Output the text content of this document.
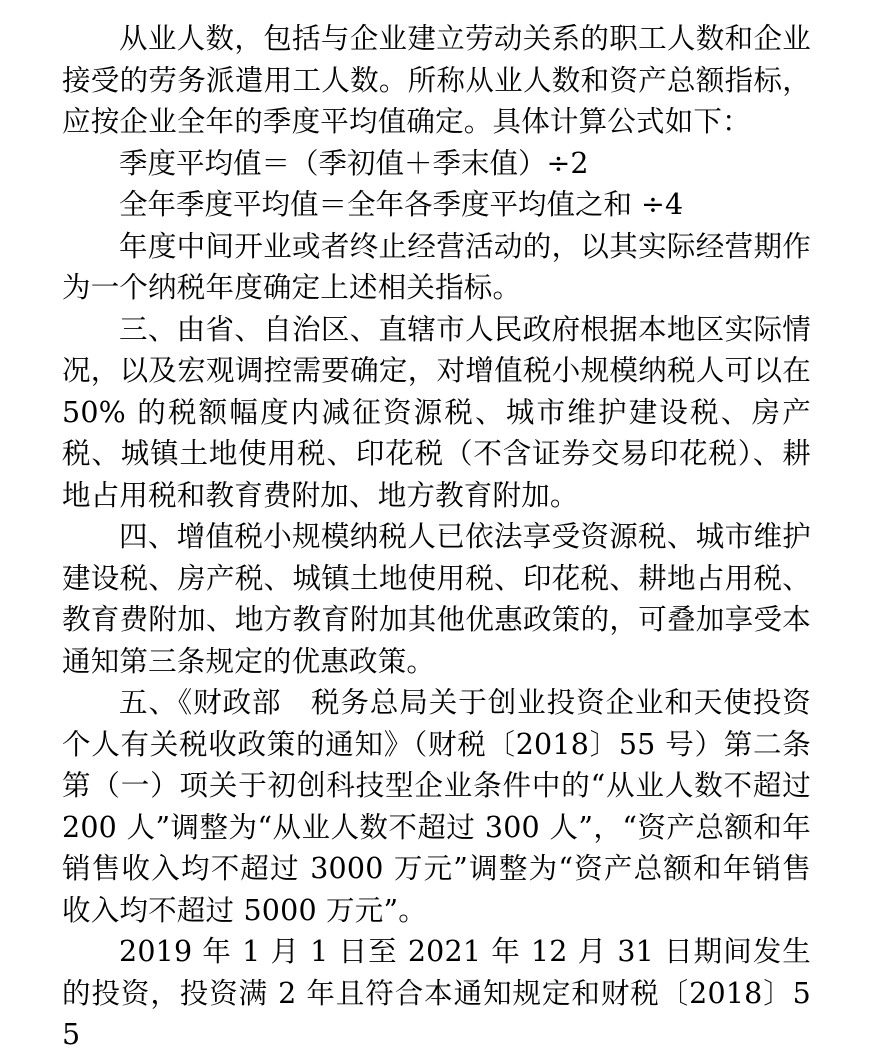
从业人数，包括与企业建立劳动关系的职工人数和企业接受的劳务派遣用工人数。所称从业人数和资产总额指标，应按企业全年的季度平均值确定。具体计算公式如下：

季度平均值＝（季初值＋季末值）÷2

全年季度平均值＝全年各季度平均值之和 ÷4

年度中间开业或者终止经营活动的，以其实际经营期作为一个纳税年度确定上述相关指标。

三、由省、自治区、直辖市人民政府根据本地区实际情况，以及宏观调控需要确定，对增值税小规模纳税人可以在 50% 的税额幅度内减征资源税、城市维护建设税、房产税、城镇土地使用税、印花税（不含证券交易印花税）、耕地占用税和教育费附加、地方教育附加。

四、增值税小规模纳税人已依法享受资源税、城市维护建设税、房产税、城镇土地使用税、印花税、耕地占用税、教育费附加、地方教育附加其他优惠政策的，可叠加享受本通知第三条规定的优惠政策。

五、《财政部　税务总局关于创业投资企业和天使投资个人有关税收政策的通知》（财税〔2018〕55 号）第二条第（一）项关于初创科技型企业条件中的“从业人数不超过 200 人”调整为“从业人数不超过 300 人”，“资产总额和年销售收入均不超过 3000 万元”调整为“资产总额和年销售收入均不超过 5000 万元”。

2019 年 1 月 1 日至 2021 年 12 月 31 日期间发生的投资，投资满 2 年且符合本通知规定和财税〔2018〕55
